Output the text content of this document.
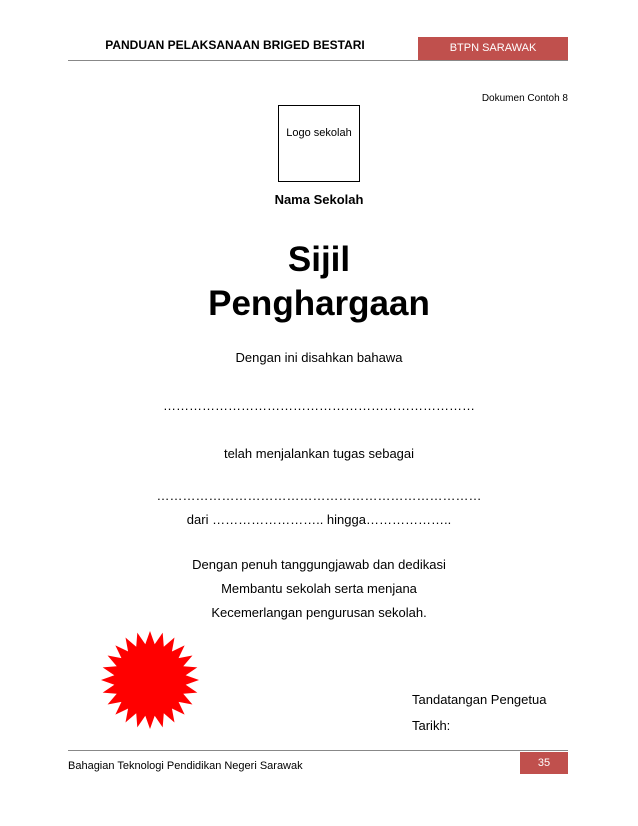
PANDUAN PELAKSANAAN BRIGED BESTARI	BTPN SARAWAK
Dokumen Contoh 8
Logo sekolah
Nama Sekolah
Sijil
Penghargaan
Dengan ini disahkan bahawa
………………………………………………………………
telah menjalankan tugas sebagai
…………………………………………………………………
dari …………………….. hingga………………..
Dengan penuh tanggungjawab dan dedikasi
Membantu sekolah serta menjana
Kecemerlangan pengurusan sekolah.
Tandatangan Pengetua
Tarikh:
Bahagian Teknologi Pendidikan Negeri Sarawak	35
